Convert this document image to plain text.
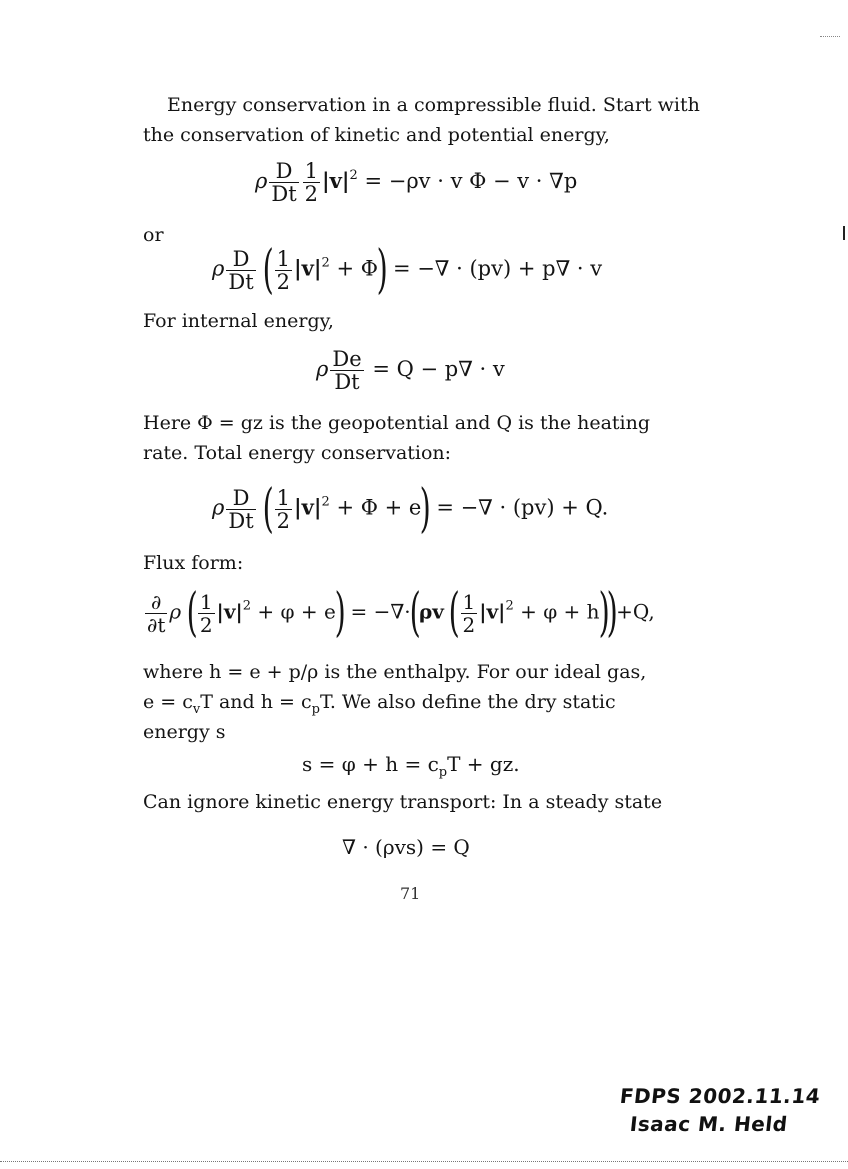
Energy conservation in a compressible fluid. Start with
the conservation of kinetic and potential energy,
ρ $\frac{D}{Dt} \frac{1}{2} |v|^2 = -\rho v \cdot v$ Φ − v · ∇p
or
ρ $\frac{D}{Dt}$ ( $\frac{1}{2} |v|^2 + \Phi$) = −∇ · (pv) + p∇ · v
For internal energy,
ρ $\frac{De}{Dt} = Q - p\nabla \cdot v$
Here Φ = gz is the geopotential and Q is the heating
rate. Total energy conservation:
ρ $\frac{D}{Dt}$ ( $\frac{1}{2} |v|^2 + \Phi + e$) = −∇ · (pv) + Q.
Flux form:
$\frac{\partial}{\partial t}$ ρ ( $\frac{1}{2} |v|^2 + \varphi + e) = -\nabla\cdot(\rho v$ ( $\frac{1}{2} |v|^2 + \varphi + h))+Q$,
where h = e + p/ρ is the enthalpy. For our ideal gas,
$e = c_vT$ and $h = c_pT$. We also define the dry static
energy s
$s = \varphi + h = c_pT$ + gz.
Can ignore kinetic energy transport: In a steady state
∇ · (ρvs) = Q
71
FDPS 2002.11.14
Isaac M. Held
